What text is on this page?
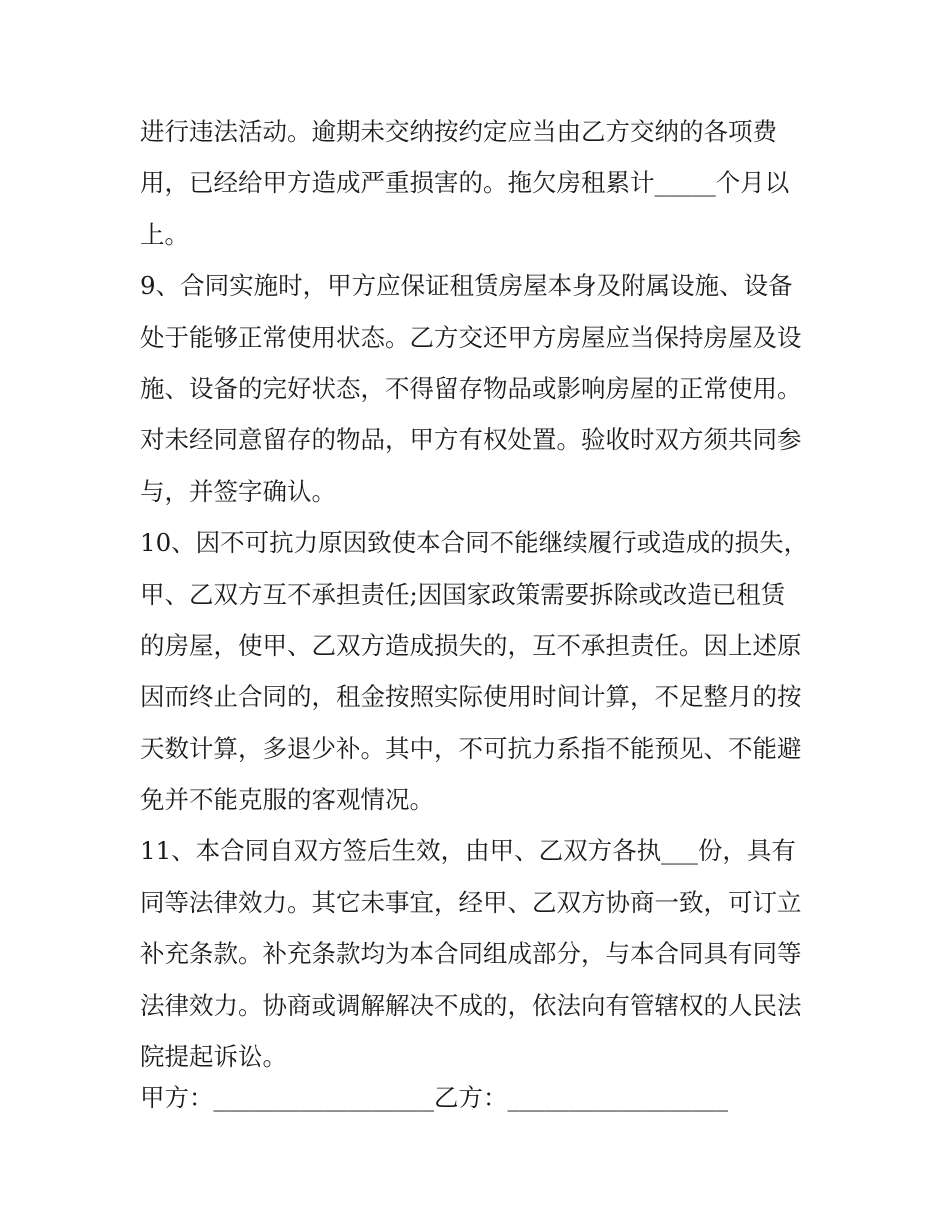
进行违法活动。逾期未交纳按约定应当由乙方交纳的各项费
用，已经给甲方造成严重损害的。拖欠房租累计_____个月以
上。
9、合同实施时，甲方应保证租赁房屋本身及附属设施、设备
处于能够正常使用状态。乙方交还甲方房屋应当保持房屋及设
施、设备的完好状态，不得留存物品或影响房屋的正常使用。
对未经同意留存的物品，甲方有权处置。验收时双方须共同参
与，并签字确认。
10、因不可抗力原因致使本合同不能继续履行或造成的损失，
甲、乙双方互不承担责任;因国家政策需要拆除或改造已租赁
的房屋，使甲、乙双方造成损失的，互不承担责任。因上述原
因而终止合同的，租金按照实际使用时间计算，不足整月的按
天数计算，多退少补。其中，不可抗力系指不能预见、不能避
免并不能克服的客观情况。
11、本合同自双方签后生效，由甲、乙双方各执___份，具有
同等法律效力。其它未事宜，经甲、乙双方协商一致，可订立
补充条款。补充条款均为本合同组成部分，与本合同具有同等
法律效力。协商或调解解决不成的，依法向有管辖权的人民法
院提起诉讼。
甲方：__________________乙方：__________________
